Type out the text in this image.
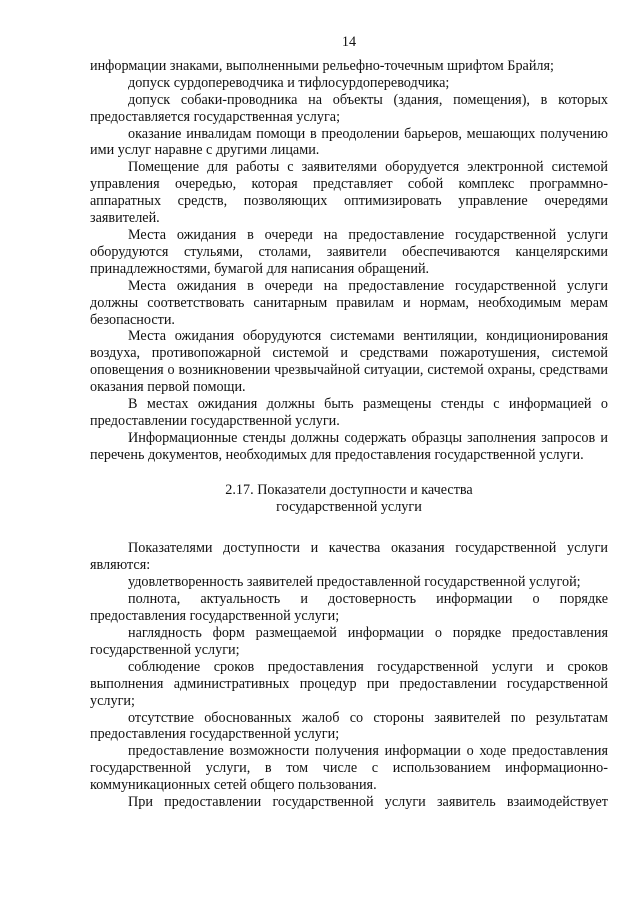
14

информации знаками, выполненными рельефно-точечным шрифтом Брайля;

допуск сурдопереводчика и тифлосурдопереводчика;

допуск собаки-проводника на объекты (здания, помещения), в которых предоставляется государственная услуга;

оказание инвалидам помощи в преодолении барьеров, мешающих получению ими услуг наравне с другими лицами.

Помещение для работы с заявителями оборудуется электронной системой управления очередью, которая представляет собой комплекс программно-аппаратных средств, позволяющих оптимизировать управление очередями заявителей.

Места ожидания в очереди на предоставление государственной услуги оборудуются стульями, столами, заявители обеспечиваются канцелярскими принадлежностями, бумагой для написания обращений.

Места ожидания в очереди на предоставление государственной услуги должны соответствовать санитарным правилам и нормам, необходимым мерам безопасности.

Места ожидания оборудуются системами вентиляции, кондиционирования воздуха, противопожарной системой и средствами пожаротушения, системой оповещения о возникновении чрезвычайной ситуации, системой охраны, средствами оказания первой помощи.

В местах ожидания должны быть размещены стенды с информацией о предоставлении государственной услуги.

Информационные стенды должны содержать образцы заполнения запросов и перечень документов, необходимых для предоставления государственной услуги.

2.17. Показатели доступности и качества
государственной услуги

Показателями доступности и качества оказания государственной услуги являются:

удовлетворенность заявителей предоставленной государственной услугой;

полнота, актуальность и достоверность информации о порядке предоставления государственной услуги;

наглядность форм размещаемой информации о порядке предоставления государственной услуги;

соблюдение сроков предоставления государственной услуги и сроков выполнения административных процедур при предоставлении государственной услуги;

отсутствие обоснованных жалоб со стороны заявителей по результатам предоставления государственной услуги;

предоставление возможности получения информации о ходе предоставления государственной услуги, в том числе с использованием информационно-коммуникационных сетей общего пользования.

При предоставлении государственной услуги заявитель взаимодействует
